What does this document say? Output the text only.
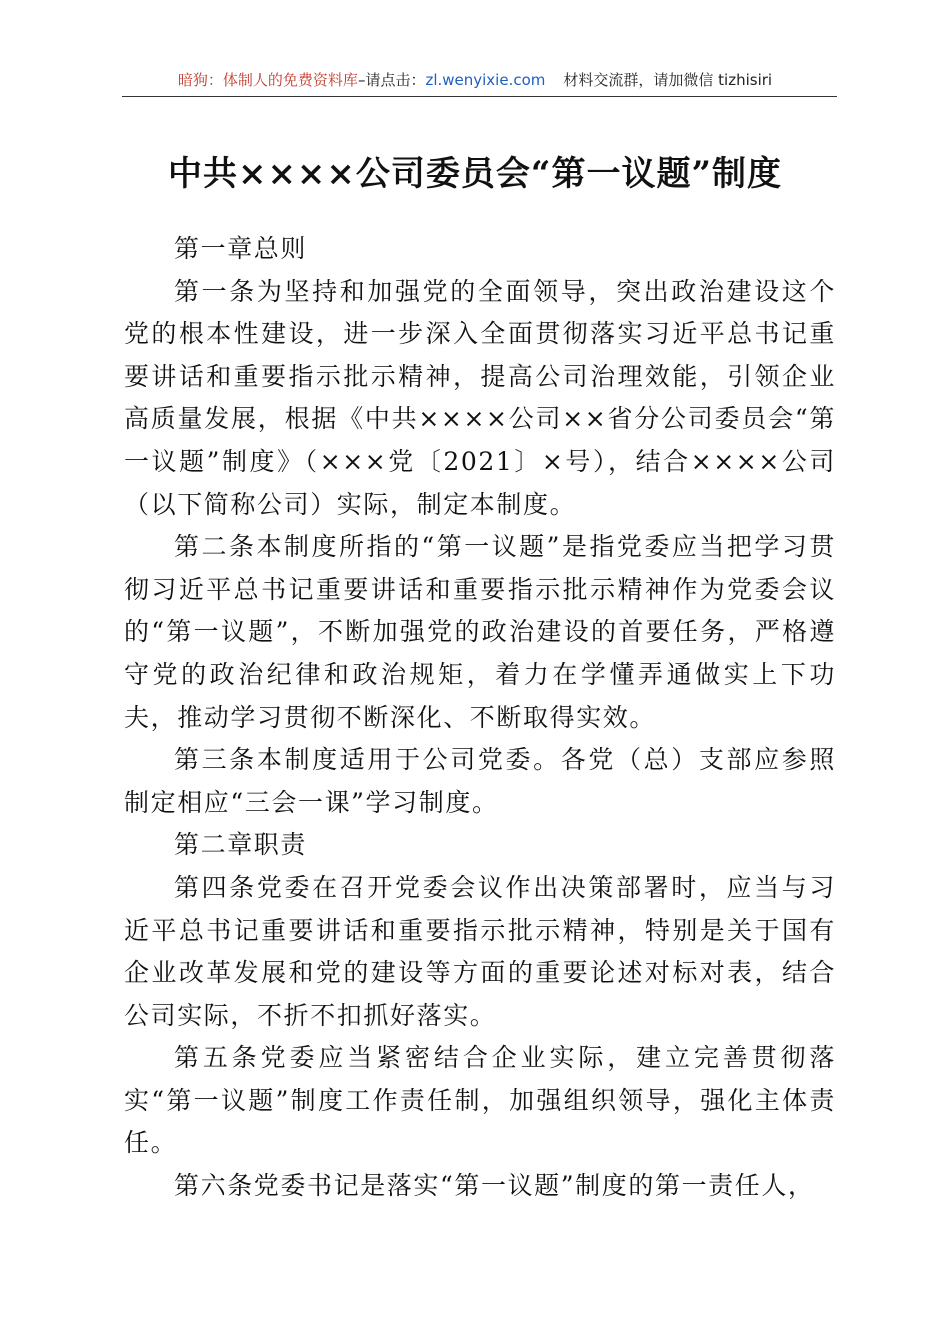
暗狗：体制人的免费资料库–请点击：zl.wenyixie.com 材料交流群，请加微信 tizhisiri
中共××××公司委员会“第一议题”制度

第一章总则

第一条为坚持和加强党的全面领导，突出政治建设这个党的根本性建设，进一步深入全面贯彻落实习近平总书记重要讲话和重要指示批示精神，提高公司治理效能，引领企业高质量发展，根据《中共××××公司××省分公司委员会“第一议题”制度》（×××党〔2021〕×号），结合××××公司（以下简称公司）实际，制定本制度。

第二条本制度所指的“第一议题”是指党委应当把学习贯彻习近平总书记重要讲话和重要指示批示精神作为党委会议的“第一议题”，不断加强党的政治建设的首要任务，严格遵守党的政治纪律和政治规矩，着力在学懂弄通做实上下功夫，推动学习贯彻不断深化、不断取得实效。

第三条本制度适用于公司党委。各党（总）支部应参照制定相应“三会一课”学习制度。

第二章职责

第四条党委在召开党委会议作出决策部署时，应当与习近平总书记重要讲话和重要指示批示精神，特别是关于国有企业改革发展和党的建设等方面的重要论述对标对表，结合公司实际，不折不扣抓好落实。

第五条党委应当紧密结合企业实际，建立完善贯彻落实“第一议题”制度工作责任制，加强组织领导，强化主体责任。

第六条党委书记是落实“第一议题”制度的第一责任人，
